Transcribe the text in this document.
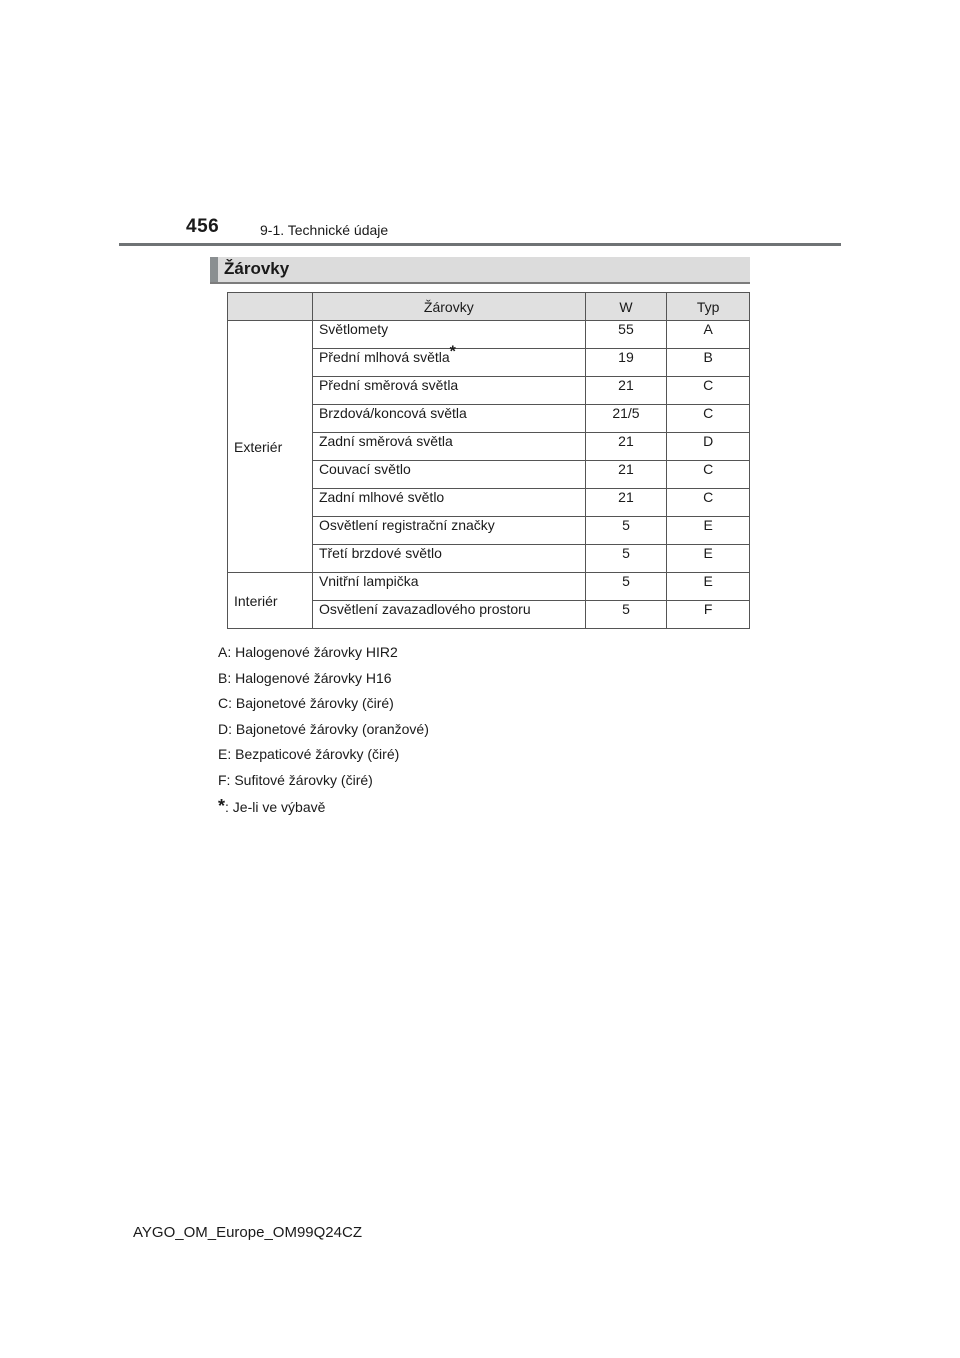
456	9-1. Technické údaje
Žárovky
	Žárovky	W	Typ
Exteriér	Světlomety	55	A
	Přední mlhová světla*	19	B
	Přední směrová světla	21	C
	Brzdová/koncová světla	21/5	C
	Zadní směrová světla	21	D
	Couvací světlo	21	C
	Zadní mlhové světlo	21	C
	Osvětlení registrační značky	5	E
	Třetí brzdové světlo	5	E
Interiér	Vnitřní lampička	5	E
	Osvětlení zavazadlového prostoru	5	F
A: Halogenové žárovky HIR2
B: Halogenové žárovky H16
C: Bajonetové žárovky (čiré)
D: Bajonetové žárovky (oranžové)
E: Bezpaticové žárovky (čiré)
F: Sufitové žárovky (čiré)
*: Je-li ve výbavě
AYGO_OM_Europe_OM99Q24CZ
